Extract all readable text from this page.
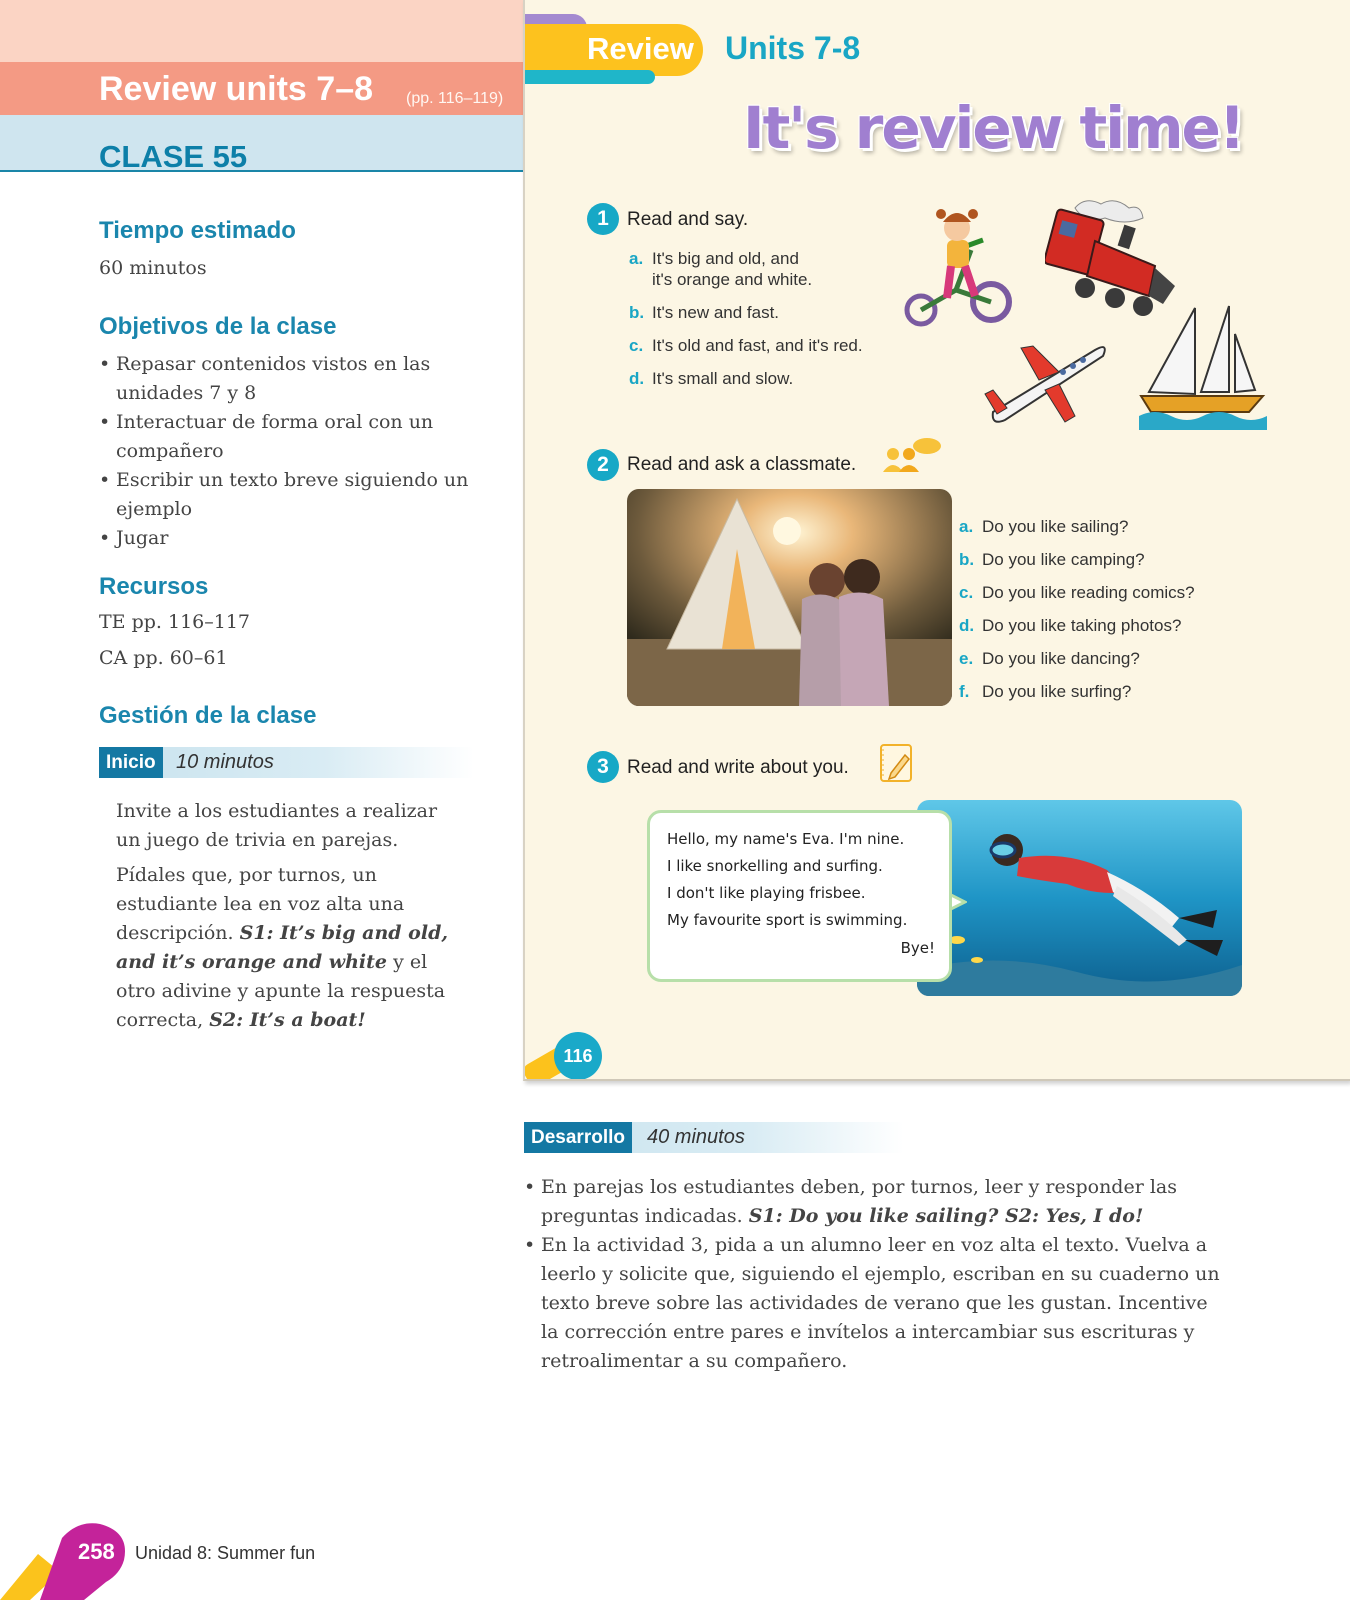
Review units 7–8 (pp. 116–119)
CLASE 55
Tiempo estimado
60 minutos
Objetivos de la clase
• Repasar contenidos vistos en las unidades 7 y 8
• Interactuar de forma oral con un compañero
• Escribir un texto breve siguiendo un ejemplo
• Jugar
Recursos
TE pp. 116–117
CA pp. 60–61
Gestión de la clase
Inicio	10 minutos
Invite a los estudiantes a realizar un juego de trivia en parejas.
Pídales que, por turnos, un estudiante lea en voz alta una descripción. S1: It’s big and old, and it’s orange and white y el otro adivine y apunte la respuesta correcta, S2: It’s a boat!
Review Units 7-8
It's review time!
1 Read and say.
a. It's big and old, and
it's orange and white.
b. It's new and fast.
c. It's old and fast, and it's red.
d. It's small and slow.
2 Read and ask a classmate.
a. Do you like sailing?
b. Do you like camping?
c. Do you like reading comics?
d. Do you like taking photos?
e. Do you like dancing?
f. Do you like surfing?
3 Read and write about you.
Hello, my name's Eva. I'm nine.
I like snorkelling and surfing.
I don't like playing frisbee.
My favourite sport is swimming.
Bye!
116
Desarrollo	40 minutos
• En parejas los estudiantes deben, por turnos, leer y responder las preguntas indicadas. S1: Do you like sailing? S2: Yes, I do!
• En la actividad 3, pida a un alumno leer en voz alta el texto. Vuelva a leerlo y solicite que, siguiendo el ejemplo, escriban en su cuaderno un texto breve sobre las actividades de verano que les gustan. Incentive la corrección entre pares e invítelos a intercambiar sus escrituras y retroalimentar a su compañero.
258 Unidad 8: Summer fun
